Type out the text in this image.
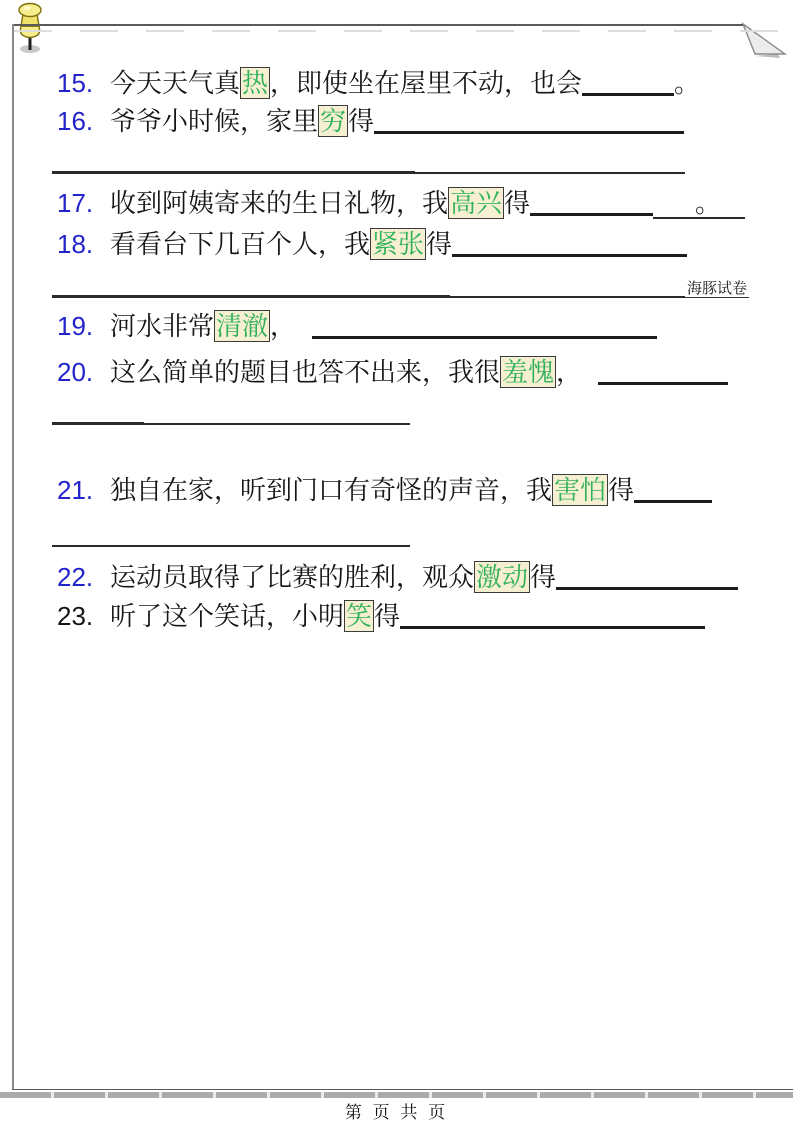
15. 今天天气真热，即使坐在屋里不动，也会	。
16. 爷爷小时候，家里穷得
17. 收到阿姨寄来的生日礼物，我高兴得	。
18. 看看台下几百个人，我紧张得
海豚试卷
19. 河水非常清澈，
20. 这么简单的题目也答不出来，我很羞愧，
21. 独自在家，听到门口有奇怪的声音，我害怕得
22. 运动员取得了比赛的胜利，观众激动得
23. 听了这个笑话，小明笑得
第 页 共 页
